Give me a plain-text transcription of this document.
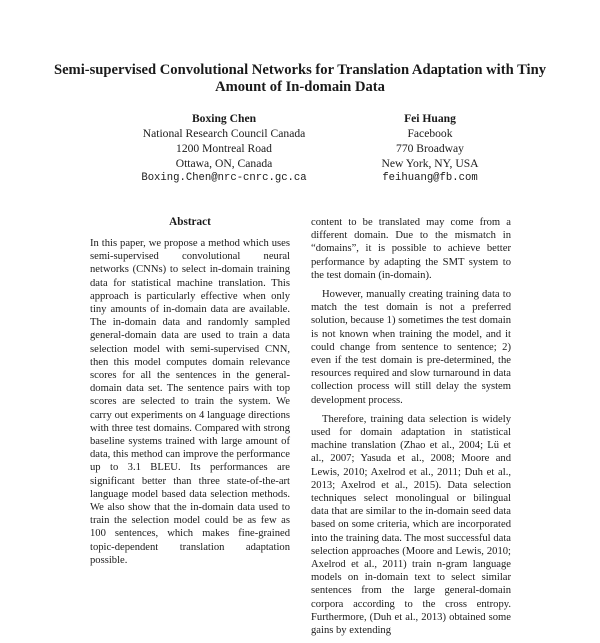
Semi-supervised Convolutional Networks for Translation Adaptation with Tiny Amount of In-domain Data
Boxing Chen
National Research Council Canada
1200 Montreal Road
Ottawa, ON, Canada
Boxing.Chen@nrc-cnrc.gc.ca
Fei Huang
Facebook
770 Broadway
New York, NY, USA
feihuang@fb.com
Abstract

In this paper, we propose a method which uses semi-supervised convolutional neural networks (CNNs) to select in-domain training data for statistical machine translation. This approach is particularly effective when only tiny amounts of in-domain data are available. The in-domain data and randomly sampled general-domain data are used to train a data selection model with semi-supervised CNN, then this model computes domain relevance scores for all the sentences in the general-domain data set. The sentence pairs with top scores are selected to train the system. We carry out experiments on 4 language directions with three test domains. Compared with strong baseline systems trained with large amount of data, this method can improve the performance up to 3.1 BLEU. Its performances are significant better than three state-of-the-art language model based data selection methods. We also show that the in-domain data used to train the selection model could be as few as 100 sentences, which makes fine-grained topic-dependent translation adaptation possible.

content to be translated may come from a different domain. Due to the mismatch in “domains”, it is possible to achieve better performance by adapting the SMT system to the test domain (in-domain).

However, manually creating training data to match the test domain is not a preferred solution, because 1) sometimes the test domain is not known when training the model, and it could change from sentence to sentence; 2) even if the test domain is pre-determined, the resources required and slow turnaround in data collection process will still delay the system development process.

Therefore, training data selection is widely used for domain adaptation in statistical machine translation (Zhao et al., 2004; Lü et al., 2007; Yasuda et al., 2008; Moore and Lewis, 2010; Axelrod et al., 2011; Duh et al., 2013; Axelrod et al., 2015). Data selection techniques select monolingual or bilingual data that are similar to the in-domain seed data based on some criteria, which are incorporated into the training data. The most successful data selection approaches (Moore and Lewis, 2010; Axelrod et al., 2011) train n-gram language models on in-domain text to select similar sentences from the large general-domain corpora according to the cross entropy. Furthermore, (Duh et al., 2013) obtained some gains by extending
